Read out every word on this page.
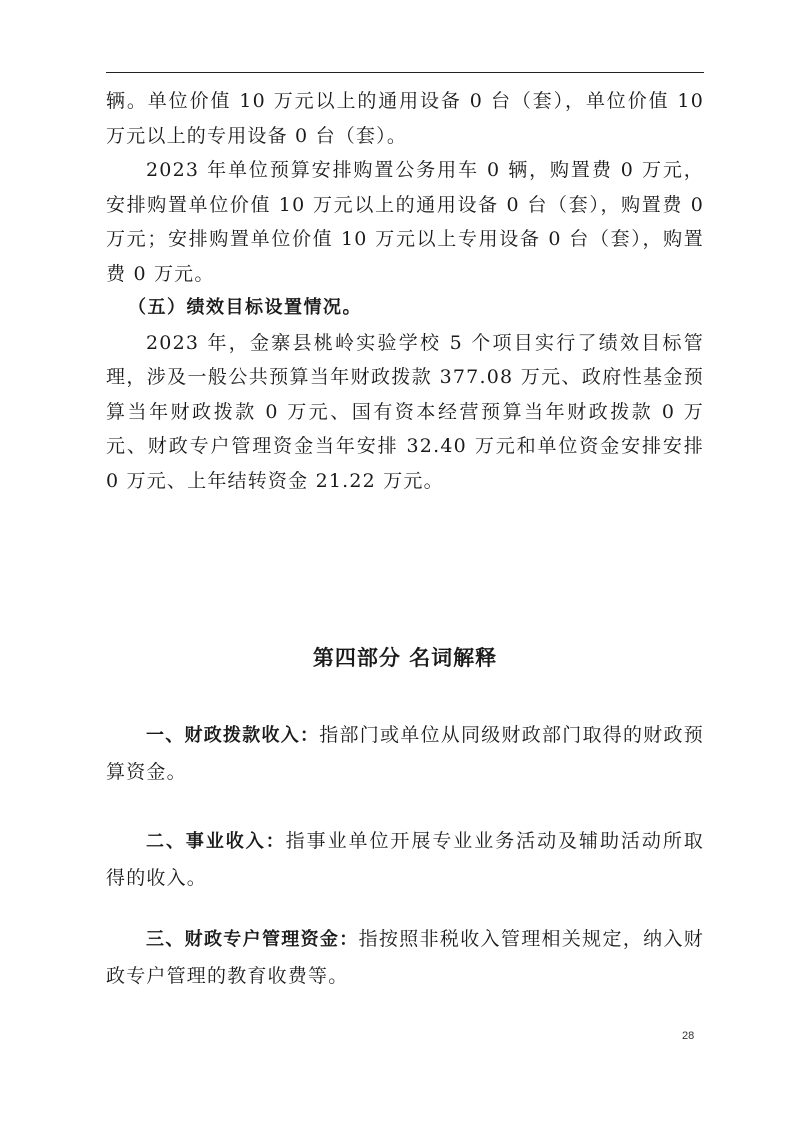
辆。单位价值 10 万元以上的通用设备 0 台（套），单位价值 10 万元以上的专用设备 0 台（套）。

2023 年单位预算安排购置公务用车 0 辆，购置费 0 万元，安排购置单位价值 10 万元以上的通用设备 0 台（套），购置费 0 万元；安排购置单位价值 10 万元以上专用设备 0 台（套），购置费 0 万元。

（五）绩效目标设置情况。

2023 年，金寨县桃岭实验学校 5 个项目实行了绩效目标管理，涉及一般公共预算当年财政拨款 377.08 万元、政府性基金预算当年财政拨款 0 万元、国有资本经营预算当年财政拨款 0 万元、财政专户管理资金当年安排 32.40 万元和单位资金安排安排 0 万元、上年结转资金 21.22 万元。

第四部分 名词解释

一、财政拨款收入：指部门或单位从同级财政部门取得的财政预算资金。

二、事业收入：指事业单位开展专业业务活动及辅助活动所取得的收入。

三、财政专户管理资金：指按照非税收入管理相关规定，纳入财政专户管理的教育收费等。

28
